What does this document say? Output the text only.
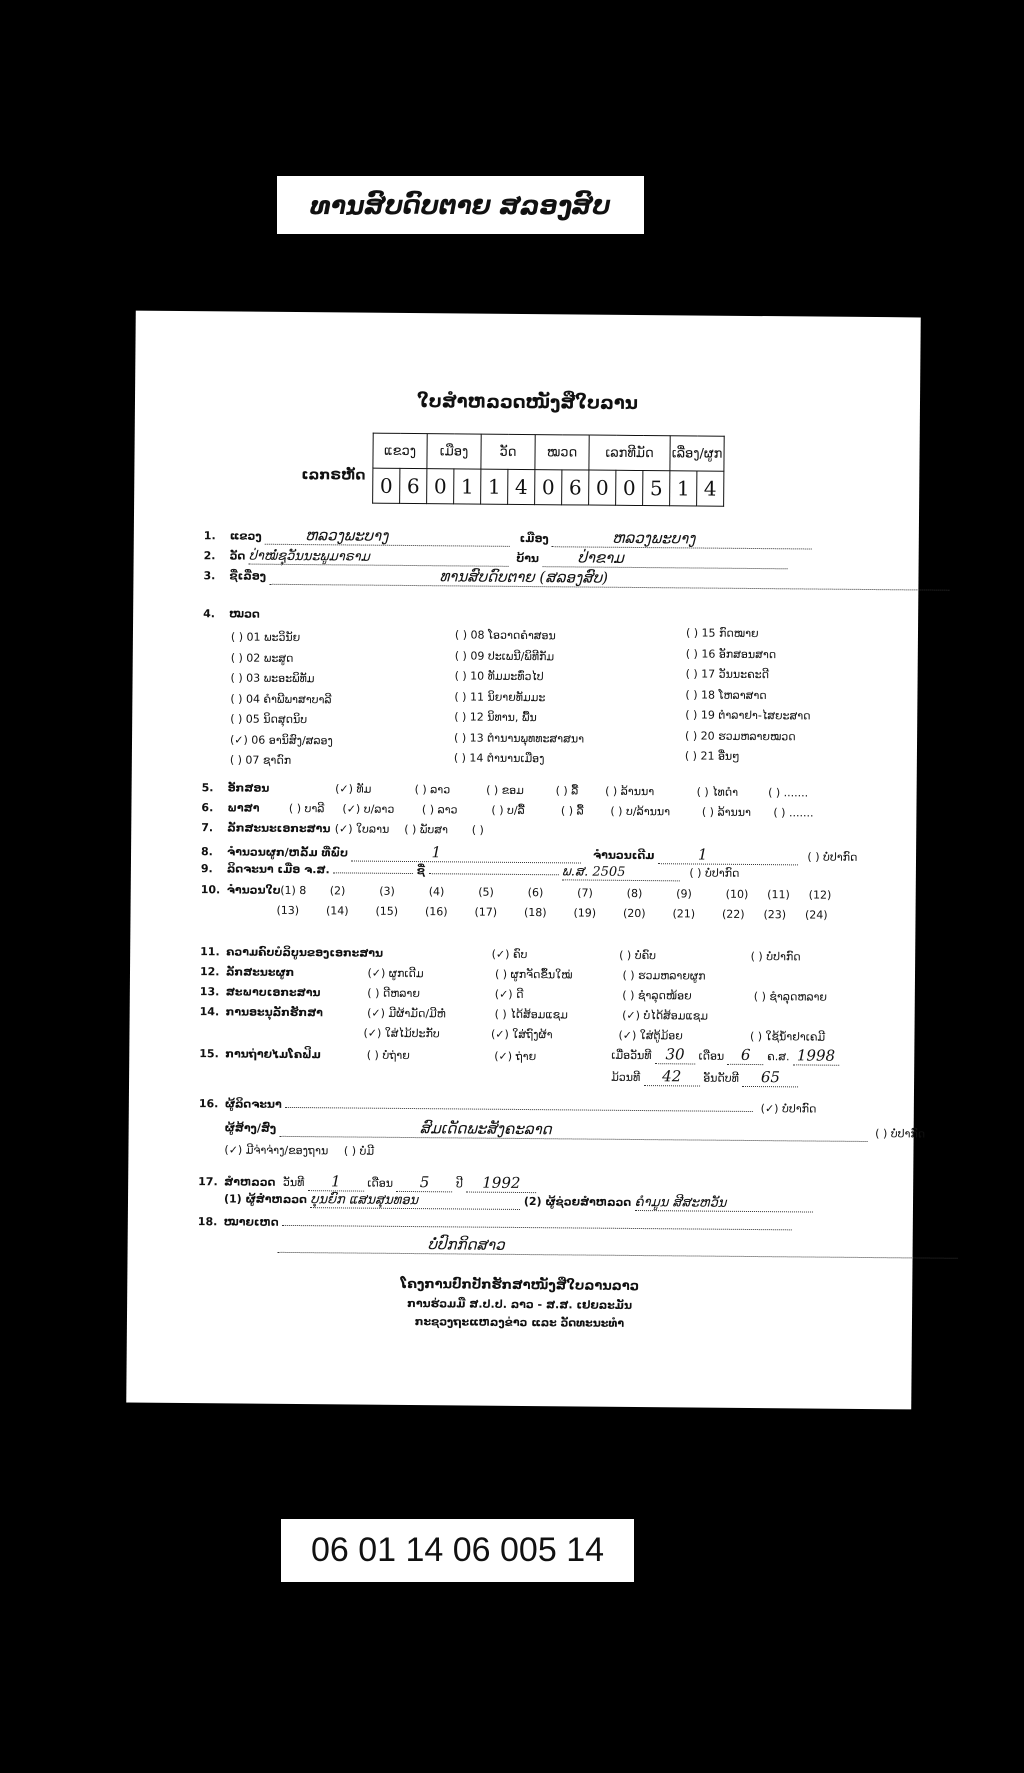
ທານສົບດົບຕາຍ ສລອງສົບ
ໃບສຳຫລວດໜັງສືໃບລານ
ເລກຣຫັດ
ແຂວງ		ເມືອງ		ວັດ		ໝວດ		ເລກທີມັດ			ເລື່ອງ/ຜູກ	
0	6	0	1	1	4	0	6	0	0	5	1	4
1. ແຂວງ	ຫລວງພະບາງ	ເມືອງ	ຫລວງພະບາງ
2. ວັດ ປ່າໝໍ່ຊຸວັນນະພູມາຣາມ	ບ້ານ	ປ່າຂາມ
3. ຊື່ເລື່ອງ	ທານສົບດົບຕາຍ (ສລອງສົບ)
4. ໝວດ
( ) 01 ພະວິນັຍ
( ) 02 ພະສູດ
( ) 03 ພະອະພິທັມ
( ) 04 ຄຳພີພາສາບາລີ
( ) 05 ນິດສຸດນິບ
(✓) 06 ອານິສົງ/ສລອງ
( ) 07 ຊາດົກ
( ) 08 ໂອວາດຄຳສອນ
( ) 09 ປະເພນີ/ພິທີກັມ
( ) 10 ທັມມະທົ່ວໄປ
( ) 11 ນິຍາຍທັມມະ
( ) 12 ນິທານ, ພື້ນ
( ) 13 ຕຳນານພຸທທະສາສນາ
( ) 14 ຕຳນານເມືອງ
( ) 15 ກົດໝາຍ
( ) 16 ອັກສອນສາດ
( ) 17 ວັນນະຄະດີ
( ) 18 ໂຫລາສາດ
( ) 19 ຕຳລາຢາ-ໄສຍະສາດ
( ) 20 ຮວມຫລາຍໝວດ
( ) 21 ອື່ນໆ
5. ອັກສອນ	(✓) ທັມ	( ) ລາວ	( ) ຂອມ	( ) ລື້ ( ) ລ້ານນາ	( ) ໄທດຳ	( ) .......
6. ພາສາ	( ) ບາລີ (✓) ບ/ລາວ ( ) ລາວ	( ) ບ/ລື້	( ) ລື້ ( ) ບ/ລ້ານນາ	( ) ລ້ານນາ ( ) .......
7. ລັກສະນະເອກະສານ (✓) ໃບລານ ( ) ພັບສາ ( )
8. ຈຳນວນຜູກ/ຫລັ້ມ ທີ່ພົບ	1	ຈຳນວນເດີມ	1	( ) ບໍ່ປາກົດ
9. ລິດຈະນາ ເມື່ອ ຈ.ສ.	ຊື່	ພ.ສ. 2505	( ) ບໍ່ປາກົດ
10. ຈຳນວນໃບ (1) 8 (2)	(3)	(4)	(5)	(6)	(7)	(8)	(9)	(10) (11) (12)
(13) (14) (15) (16) (17) (18) (19) (20) (21) (22) (23) (24)
11. ຄວາມຄົບບໍລິບູນຂອງເອກະສານ	(✓) ຄົບ	( ) ບໍ່ຄົບ	( ) ບໍ່ປາກົດ
12. ລັກສະນະຜູກ	(✓) ຜູກເດີມ	( ) ຜູກຈັດຂຶ້ນໃໝ່	( ) ຮວມຫລາຍຜູກ
13. ສະພາບເອກະສານ	( ) ດີຫລາຍ	(✓) ດີ	( ) ຊຳລຸດໜ້ອຍ	( ) ຊຳລຸດຫລາຍ
14. ການອະນຸລັກຮັກສາ	(✓) ມີຜ້າມັດ/ມີຫໍ່	( ) ໄດ້ສ້ອມແຊມ	(✓) ບໍ່ໄດ້ສ້ອມແຊມ
(✓) ໃສ່ໄມ້ປະກັບ	(✓) ໃສ່ຖົງຜ້າ	(✓) ໃສ່ຕູ້ມ້ອຍ	( ) ໃຊ້ນ້ຳຢາເຄມີ
15. ການຖ່າຍໄມໂຄຟິມ	( ) ບໍ່ຖ່າຍ	(✓) ຖ່າຍ	ເມື່ອວັນທີ 30 ເດືອນ 6 ຄ.ສ. 1998
ມ້ວນທີ 42 ອັນດັບທີ 65
16. ຜູ້ລິດຈະນາ	(✓) ບໍ່ປາກົດ
ຜູ້ສ້າງ/ສົ່ງ	ສົມເດັດພະສັງຄະລາດ	( ) ບໍ່ປາກົດ
(✓) ມີຈ່າຈ່າງ/ຂອງຖານ ( ) ບໍ່ມີ
17. ສຳຫລວດ ວັນທີ 1 ເດືອນ 5 ປີ 1992
(1) ຜູ້ສຳຫລວດ ບຸນຍົກ ແສນສຸນທອນ	(2) ຜູ້ຊ່ວຍສຳຫລວດ ຄຳມູນ ສີສະຫວັນ
18. ໝາຍເຫດ
ບໍ່ປົກກິດສາວ
ໂຄງການປົກປັກຮັກສາໜັງສືໃບລານລາວ
ການຮ່ວມມື ສ.ປ.ປ. ລາວ - ສ.ສ. ເຢຍລະມັນ
ກະຊວງຖະແຫລງຂ່າວ ແລະ ວັດທະນະທຳ
06 01 14 06 005 14
